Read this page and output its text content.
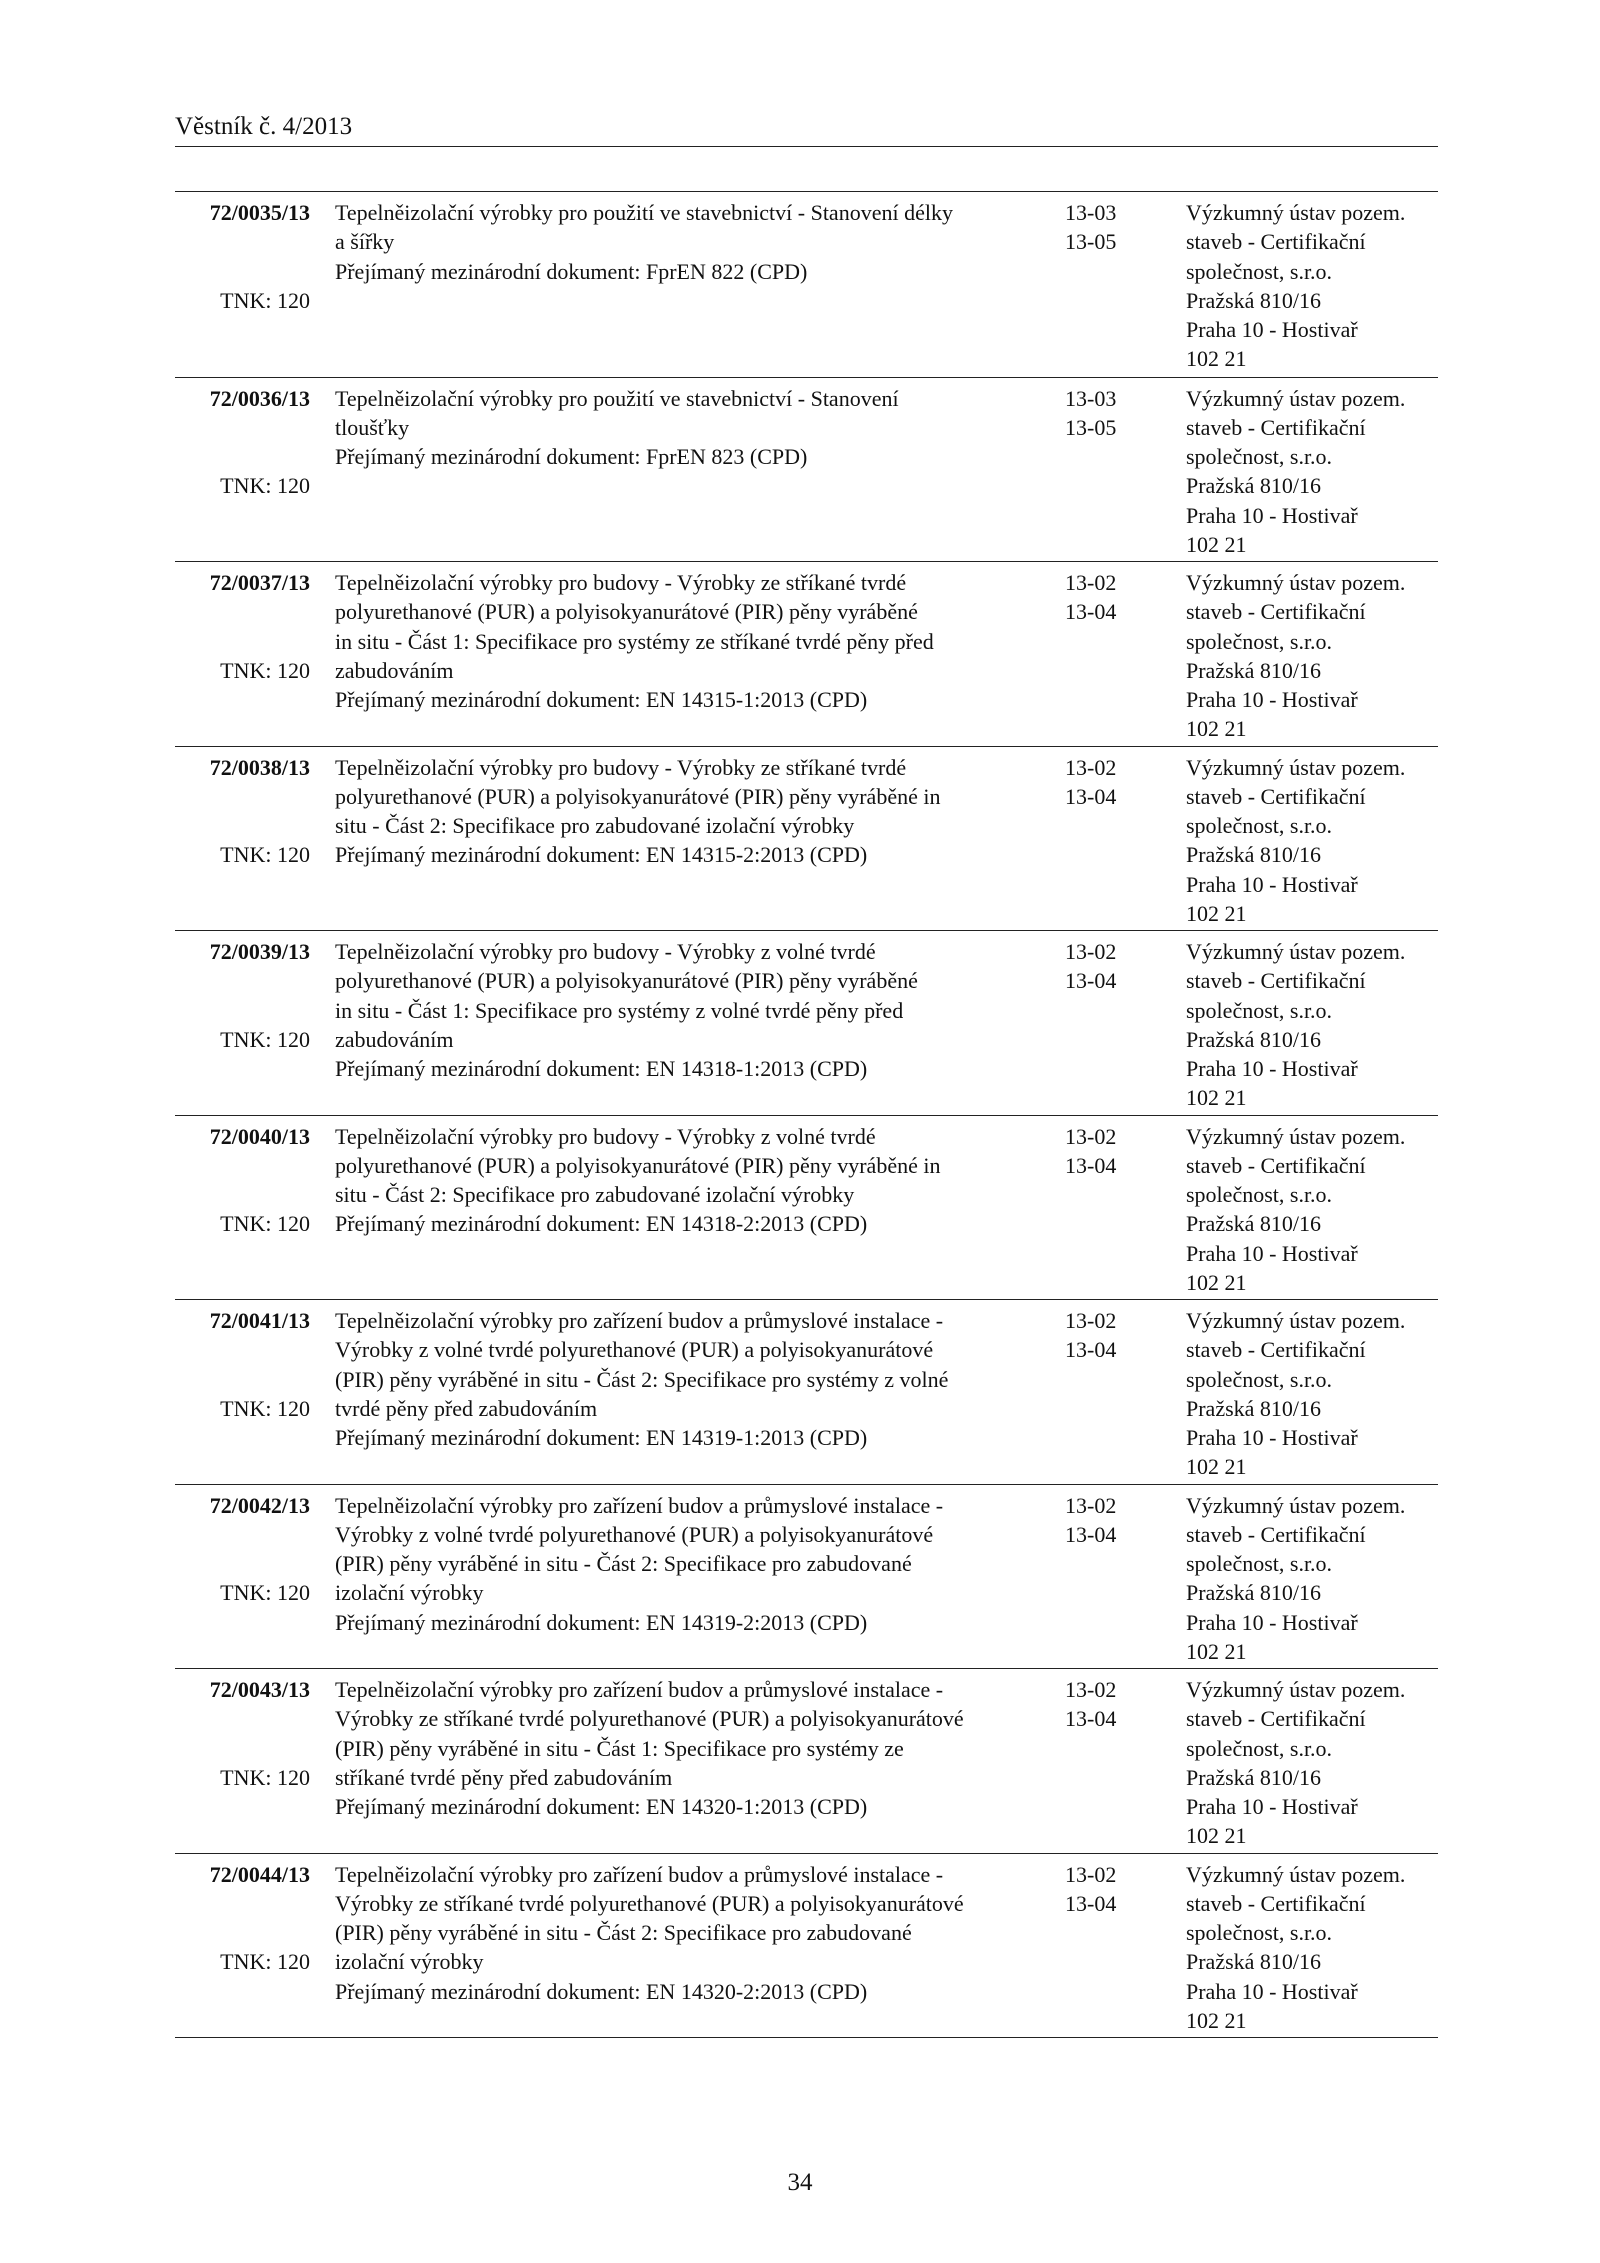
Věstník č. 4/2013
72/0035/13
TNK: 120
Tepelněizolační výrobky pro použití ve stavebnictví - Stanovení délky
a šířky
Přejímaný mezinárodní dokument: FprEN 822 (CPD)
13-03
13-05
Výzkumný ústav pozem.
staveb - Certifikační
společnost, s.r.o.
Pražská 810/16
Praha 10 - Hostivař
102 21
72/0036/13
TNK: 120
Tepelněizolační výrobky pro použití ve stavebnictví - Stanovení
tloušťky
Přejímaný mezinárodní dokument: FprEN 823 (CPD)
13-03
13-05
Výzkumný ústav pozem.
staveb - Certifikační
společnost, s.r.o.
Pražská 810/16
Praha 10 - Hostivař
102 21
72/0037/13
TNK: 120
Tepelněizolační výrobky pro budovy - Výrobky ze stříkané tvrdé
polyurethanové (PUR) a polyisokyanurátové (PIR) pěny vyráběné
in situ - Část 1: Specifikace pro systémy ze stříkané tvrdé pěny před
zabudováním
Přejímaný mezinárodní dokument: EN 14315-1:2013 (CPD)
13-02
13-04
Výzkumný ústav pozem.
staveb - Certifikační
společnost, s.r.o.
Pražská 810/16
Praha 10 - Hostivař
102 21
72/0038/13
TNK: 120
Tepelněizolační výrobky pro budovy - Výrobky ze stříkané tvrdé
polyurethanové (PUR) a polyisokyanurátové (PIR) pěny vyráběné in
situ - Část 2: Specifikace pro zabudované izolační výrobky
Přejímaný mezinárodní dokument: EN 14315-2:2013 (CPD)
13-02
13-04
Výzkumný ústav pozem.
staveb - Certifikační
společnost, s.r.o.
Pražská 810/16
Praha 10 - Hostivař
102 21
72/0039/13
TNK: 120
Tepelněizolační výrobky pro budovy - Výrobky z volné tvrdé
polyurethanové (PUR) a polyisokyanurátové (PIR) pěny vyráběné
in situ - Část 1: Specifikace pro systémy z volné tvrdé pěny před
zabudováním
Přejímaný mezinárodní dokument: EN 14318-1:2013 (CPD)
13-02
13-04
Výzkumný ústav pozem.
staveb - Certifikační
společnost, s.r.o.
Pražská 810/16
Praha 10 - Hostivař
102 21
72/0040/13
TNK: 120
Tepelněizolační výrobky pro budovy - Výrobky z volné tvrdé
polyurethanové (PUR) a polyisokyanurátové (PIR) pěny vyráběné in
situ - Část 2: Specifikace pro zabudované izolační výrobky
Přejímaný mezinárodní dokument: EN 14318-2:2013 (CPD)
13-02
13-04
Výzkumný ústav pozem.
staveb - Certifikační
společnost, s.r.o.
Pražská 810/16
Praha 10 - Hostivař
102 21
72/0041/13
TNK: 120
Tepelněizolační výrobky pro zařízení budov a průmyslové instalace -
Výrobky z volné tvrdé polyurethanové (PUR) a polyisokyanurátové
(PIR) pěny vyráběné in situ - Část 2: Specifikace pro systémy z volné
tvrdé pěny před zabudováním
Přejímaný mezinárodní dokument: EN 14319-1:2013 (CPD)
13-02
13-04
Výzkumný ústav pozem.
staveb - Certifikační
společnost, s.r.o.
Pražská 810/16
Praha 10 - Hostivař
102 21
72/0042/13
TNK: 120
Tepelněizolační výrobky pro zařízení budov a průmyslové instalace -
Výrobky z volné tvrdé polyurethanové (PUR) a polyisokyanurátové
(PIR) pěny vyráběné in situ - Část 2: Specifikace pro zabudované
izolační výrobky
Přejímaný mezinárodní dokument: EN 14319-2:2013 (CPD)
13-02
13-04
Výzkumný ústav pozem.
staveb - Certifikační
společnost, s.r.o.
Pražská 810/16
Praha 10 - Hostivař
102 21
72/0043/13
TNK: 120
Tepelněizolační výrobky pro zařízení budov a průmyslové instalace -
Výrobky ze stříkané tvrdé polyurethanové (PUR) a polyisokyanurátové
(PIR) pěny vyráběné in situ - Část 1: Specifikace pro systémy ze
stříkané tvrdé pěny před zabudováním
Přejímaný mezinárodní dokument: EN 14320-1:2013 (CPD)
13-02
13-04
Výzkumný ústav pozem.
staveb - Certifikační
společnost, s.r.o.
Pražská 810/16
Praha 10 - Hostivař
102 21
72/0044/13
TNK: 120
Tepelněizolační výrobky pro zařízení budov a průmyslové instalace -
Výrobky ze stříkané tvrdé polyurethanové (PUR) a polyisokyanurátové
(PIR) pěny vyráběné in situ - Část 2: Specifikace pro zabudované
izolační výrobky
Přejímaný mezinárodní dokument: EN 14320-2:2013 (CPD)
13-02
13-04
Výzkumný ústav pozem.
staveb - Certifikační
společnost, s.r.o.
Pražská 810/16
Praha 10 - Hostivař
102 21
34
